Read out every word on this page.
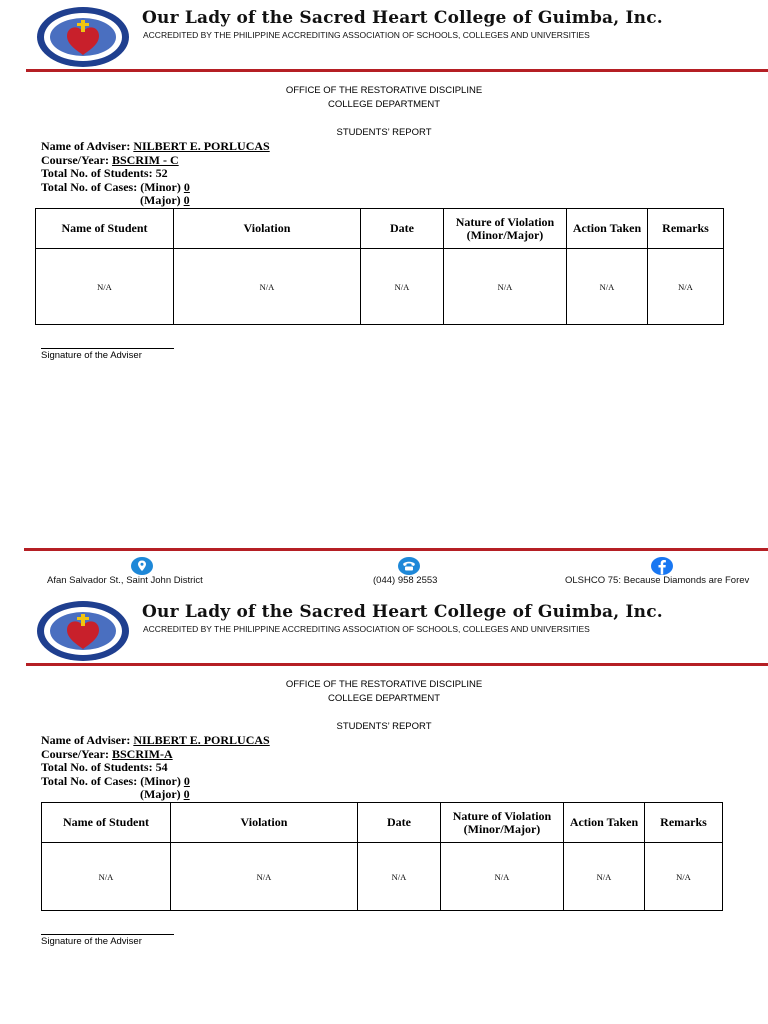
Our Lady of the Sacred Heart College of Guimba, Inc.
ACCREDITED BY THE PHILIPPINE ACCREDITING ASSOCIATION OF SCHOOLS, COLLEGES AND UNIVERSITIES
OFFICE OF THE RESTORATIVE DISCIPLINE
COLLEGE DEPARTMENT
STUDENTS’ REPORT
Name of Adviser: NILBERT E. PORLUCAS
Course/Year: BSCRIM - C
Total No. of Students: 52
Total No. of Cases: (Minor) 0
(Major) 0
Name of Student	Violation	Date	Nature of Violation (Minor/Major)	Action Taken	Remarks
N/A	N/A	N/A	N/A	N/A	N/A
Signature of the Adviser
Afan Salvador St., Saint John District	(044) 958 2553	OLSHCO 75: Because Diamonds are Forev
Our Lady of the Sacred Heart College of Guimba, Inc.
ACCREDITED BY THE PHILIPPINE ACCREDITING ASSOCIATION OF SCHOOLS, COLLEGES AND UNIVERSITIES
OFFICE OF THE RESTORATIVE DISCIPLINE
COLLEGE DEPARTMENT
STUDENTS’ REPORT
Name of Adviser: NILBERT E. PORLUCAS
Course/Year: BSCRIM-A
Total No. of Students: 54
Total No. of Cases: (Minor) 0
(Major) 0
Name of Student	Violation	Date	Nature of Violation (Minor/Major)	Action Taken	Remarks
N/A	N/A	N/A	N/A	N/A	N/A
Signature of the Adviser
